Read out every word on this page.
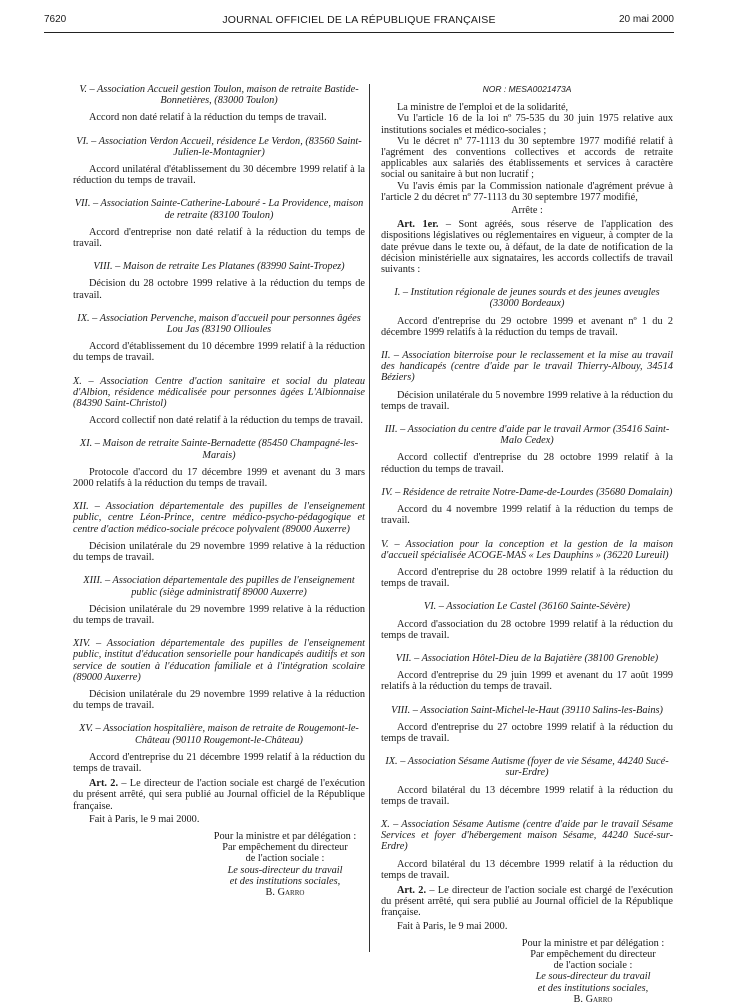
7620	JOURNAL OFFICIEL DE LA RÉPUBLIQUE FRANÇAISE	20 mai 2000
V. – Association Accueil gestion Toulon, maison de retraite Bastide-Bonnetières, (83000 Toulon)
Accord non daté relatif à la réduction du temps de travail.
VI. – Association Verdon Accueil, résidence Le Verdon, (83560 Saint-Julien-le-Montagnier)
Accord unilatéral d'établissement du 30 décembre 1999 relatif à la réduction du temps de travail.
VII. – Association Sainte-Catherine-Labouré - La Providence, maison de retraite (83100 Toulon)
Accord d'entreprise non daté relatif à la réduction du temps de travail.
VIII. – Maison de retraite Les Platanes (83990 Saint-Tropez)
Décision du 28 octobre 1999 relative à la réduction du temps de travail.
IX. – Association Pervenche, maison d'accueil pour personnes âgées Lou Jas (83190 Ollioules
Accord d'établissement du 10 décembre 1999 relatif à la réduction du temps de travail.
X. – Association Centre d'action sanitaire et social du plateau d'Albion, résidence médicalisée pour personnes âgées L'Albionnaise (84390 Saint-Christol)
Accord collectif non daté relatif à la réduction du temps de travail.
XI. – Maison de retraite Sainte-Bernadette (85450 Champagné-les-Marais)
Protocole d'accord du 17 décembre 1999 et avenant du 3 mars 2000 relatifs à la réduction du temps de travail.
XII. – Association départementale des pupilles de l'enseignement public, centre Léon-Prince, centre médico-psycho-pédagogique et centre d'action médico-sociale précoce polyvalent (89000 Auxerre)
Décision unilatérale du 29 novembre 1999 relative à la réduction du temps de travail.
XIII. – Association départementale des pupilles de l'enseignement public (siège administratif 89000 Auxerre)
Décision unilatérale du 29 novembre 1999 relative à la réduction du temps de travail.
XIV. – Association départementale des pupilles de l'enseignement public, institut d'éducation sensorielle pour handicapés auditifs et son service de soutien à l'éducation familiale et à l'intégration scolaire (89000 Auxerre)
Décision unilatérale du 29 novembre 1999 relative à la réduction du temps de travail.
XV. – Association hospitalière, maison de retraite de Rougemont-le-Château (90110 Rougemont-le-Château)
Accord d'entreprise du 21 décembre 1999 relatif à la réduction du temps de travail.
Art. 2. – Le directeur de l'action sociale est chargé de l'exécution du présent arrêté, qui sera publié au Journal officiel de la République française.
Fait à Paris, le 9 mai 2000.
Pour la ministre et par délégation :
Par empêchement du directeur
de l'action sociale :
Le sous-directeur du travail
et des institutions sociales,
B. Garro
NOR : MESA0021473A
La ministre de l'emploi et de la solidarité,
Vu l'article 16 de la loi nº 75-535 du 30 juin 1975 relative aux institutions sociales et médico-sociales ;
Vu le décret nº 77-1113 du 30 septembre 1977 modifié relatif à l'agrément des conventions collectives et accords de retraite applicables aux salariés des établissements et services à caractère social ou sanitaire à but non lucratif ;
Vu l'avis émis par la Commission nationale d'agrément prévue à l'article 2 du décret nº 77-1113 du 30 septembre 1977 modifié,
Arrête :
Art. 1er. – Sont agréés, sous réserve de l'application des dispositions législatives ou réglementaires en vigueur, à compter de la date prévue dans le texte ou, à défaut, de la date de notification de la décision ministérielle aux signataires, les accords collectifs de travail suivants :
I. – Institution régionale de jeunes sourds et des jeunes aveugles (33000 Bordeaux)
Accord d'entreprise du 29 octobre 1999 et avenant nº 1 du 2 décembre 1999 relatifs à la réduction du temps de travail.
II. – Association biterroise pour le reclassement et la mise au travail des handicapés (centre d'aide par le travail Thierry-Albouy, 34514 Béziers)
Décision unilatérale du 5 novembre 1999 relative à la réduction du temps de travail.
III. – Association du centre d'aide par le travail Armor (35416 Saint-Malo Cedex)
Accord collectif d'entreprise du 28 octobre 1999 relatif à la réduction du temps de travail.
IV. – Résidence de retraite Notre-Dame-de-Lourdes (35680 Domalain)
Accord du 4 novembre 1999 relatif à la réduction du temps de travail.
V. – Association pour la conception et la gestion de la maison d'accueil spécialisée ACOGE-MAS « Les Dauphins » (36220 Lureuil)
Accord d'entreprise du 28 octobre 1999 relatif à la réduction du temps de travail.
VI. – Association Le Castel (36160 Sainte-Sévère)
Accord d'association du 28 octobre 1999 relatif à la réduction du temps de travail.
VII. – Association Hôtel-Dieu de la Bajatière (38100 Grenoble)
Accord d'entreprise du 29 juin 1999 et avenant du 17 août 1999 relatifs à la réduction du temps de travail.
VIII. – Association Saint-Michel-le-Haut (39110 Salins-les-Bains)
Accord d'entreprise du 27 octobre 1999 relatif à la réduction du temps de travail.
IX. – Association Sésame Autisme (foyer de vie Sésame, 44240 Sucé-sur-Erdre)
Accord bilatéral du 13 décembre 1999 relatif à la réduction du temps de travail.
X. – Association Sésame Autisme (centre d'aide par le travail Sésame Services et foyer d'hébergement maison Sésame, 44240 Sucé-sur-Erdre)
Accord bilatéral du 13 décembre 1999 relatif à la réduction du temps de travail.
Art. 2. – Le directeur de l'action sociale est chargé de l'exécution du présent arrêté, qui sera publié au Journal officiel de la République française.
Fait à Paris, le 9 mai 2000.
Pour la ministre et par délégation :
Par empêchement du directeur
de l'action sociale :
Le sous-directeur du travail
et des institutions sociales,
B. Garro
